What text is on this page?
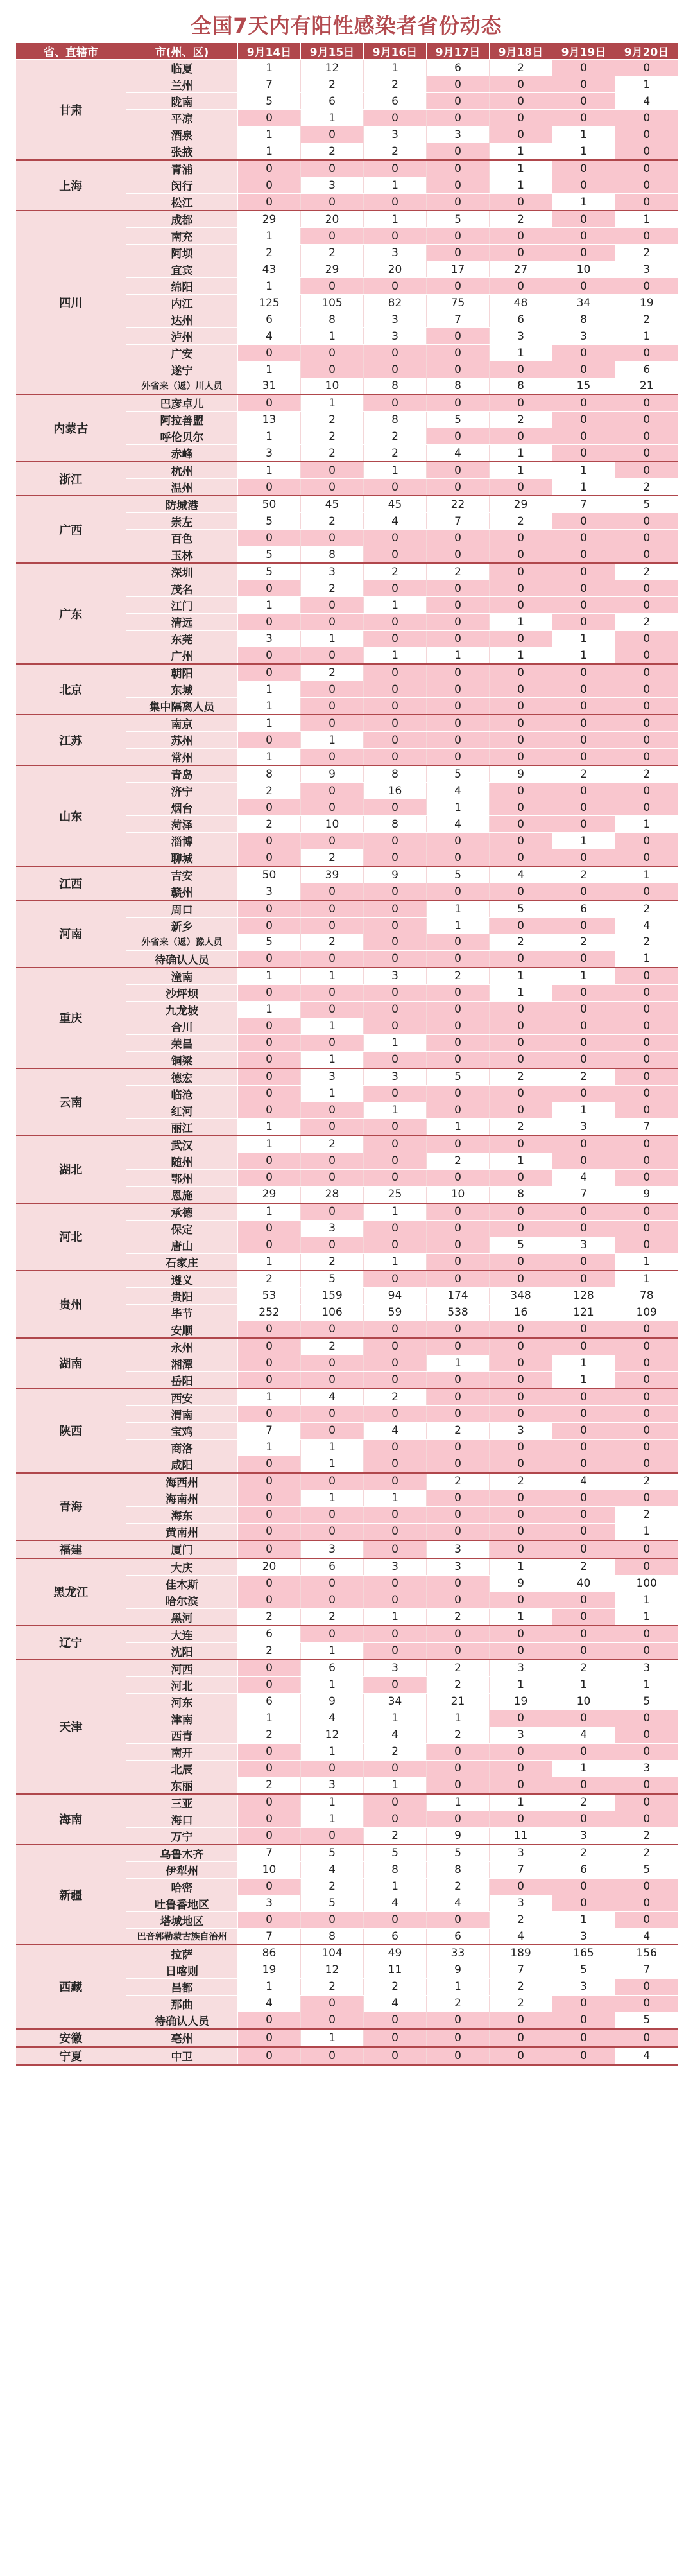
全国7天内有阳性感染者省份动态
省、直辖市	市(州、区)	9月14日	9月15日	9月16日	9月17日	9月18日	9月19日	9月20日
甘肃	临夏	1	12	1	6	2	0	0
	兰州	7	2	2	0	0	0	1
	陇南	5	6	6	0	0	0	4
	平凉	0	1	0	0	0	0	0
	酒泉	1	0	3	3	0	1	0
	张掖	1	2	2	0	1	1	0
上海	青浦	0	0	0	0	1	0	0
	闵行	0	3	1	0	1	0	0
	松江	0	0	0	0	0	1	0
四川	成都	29	20	1	5	2	0	1
	南充	1	0	0	0	0	0	0
	阿坝	2	2	3	0	0	0	2
	宜宾	43	29	20	17	27	10	3
	绵阳	1	0	0	0	0	0	0
	内江	125	105	82	75	48	34	19
	达州	6	8	3	7	6	8	2
	泸州	4	1	3	0	3	3	1
	广安	0	0	0	0	1	0	0
	遂宁	1	0	0	0	0	0	6
	外省来（返）川人员	31	10	8	8	8	15	21
内蒙古	巴彦卓儿	0	1	0	0	0	0	0
	阿拉善盟	13	2	8	5	2	0	0
	呼伦贝尔	1	2	2	0	0	0	0
	赤峰	3	2	2	4	1	0	0
浙江	杭州	1	0	1	0	1	1	0
	温州	0	0	0	0	0	1	2
广西	防城港	50	45	45	22	29	7	5
	崇左	5	2	4	7	2	0	0
	百色	0	0	0	0	0	0	0
	玉林	5	8	0	0	0	0	0
广东	深圳	5	3	2	2	0	0	2
	茂名	0	2	0	0	0	0	0
	江门	1	0	1	0	0	0	0
	清远	0	0	0	0	1	0	2
	东莞	3	1	0	0	0	1	0
	广州	0	0	1	1	1	1	0
北京	朝阳	0	2	0	0	0	0	0
	东城	1	0	0	0	0	0	0
	集中隔离人员	1	0	0	0	0	0	0
江苏	南京	1	0	0	0	0	0	0
	苏州	0	1	0	0	0	0	0
	常州	1	0	0	0	0	0	0
山东	青岛	8	9	8	5	9	2	2
	济宁	2	0	16	4	0	0	0
	烟台	0	0	0	1	0	0	0
	菏泽	2	10	8	4	0	0	1
	淄博	0	0	0	0	0	1	0
	聊城	0	2	0	0	0	0	0
江西	吉安	50	39	9	5	4	2	1
	赣州	3	0	0	0	0	0	0
河南	周口	0	0	0	1	5	6	2
	新乡	0	0	0	1	0	0	4
	外省来（返）豫人员	5	2	0	0	2	2	2
	待确认人员	0	0	0	0	0	0	1
重庆	潼南	1	1	3	2	1	1	0
	沙坪坝	0	0	0	0	1	0	0
	九龙坡	1	0	0	0	0	0	0
	合川	0	1	0	0	0	0	0
	荣昌	0	0	1	0	0	0	0
	铜梁	0	1	0	0	0	0	0
云南	德宏	0	3	3	5	2	2	0
	临沧	0	1	0	0	0	0	0
	红河	0	0	1	0	0	1	0
	丽江	1	0	0	1	2	3	7
湖北	武汉	1	2	0	0	0	0	0
	随州	0	0	0	2	1	0	0
	鄂州	0	0	0	0	0	4	0
	恩施	29	28	25	10	8	7	9
河北	承德	1	0	1	0	0	0	0
	保定	0	3	0	0	0	0	0
	唐山	0	0	0	0	5	3	0
	石家庄	1	2	1	0	0	0	1
贵州	遵义	2	5	0	0	0	0	1
	贵阳	53	159	94	174	348	128	78
	毕节	252	106	59	538	16	121	109
	安顺	0	0	0	0	0	0	0
湖南	永州	0	2	0	0	0	0	0
	湘潭	0	0	0	1	0	1	0
	岳阳	0	0	0	0	0	1	0
陕西	西安	1	4	2	0	0	0	0
	渭南	0	0	0	0	0	0	0
	宝鸡	7	0	4	2	3	0	0
	商洛	1	1	0	0	0	0	0
	咸阳	0	1	0	0	0	0	0
青海	海西州	0	0	0	2	2	4	2
	海南州	0	1	1	0	0	0	0
	海东	0	0	0	0	0	0	2
	黄南州	0	0	0	0	0	0	1
福建	厦门	0	3	0	3	0	0	0
黑龙江	大庆	20	6	3	3	1	2	0
	佳木斯	0	0	0	0	9	40	100
	哈尔滨	0	0	0	0	0	0	1
	黑河	2	2	1	2	1	0	1
辽宁	大连	6	0	0	0	0	0	0
	沈阳	2	1	0	0	0	0	0
天津	河西	0	6	3	2	3	2	3
	河北	0	1	0	2	1	1	1
	河东	6	9	34	21	19	10	5
	津南	1	4	1	1	0	0	0
	西青	2	12	4	2	3	4	0
	南开	0	1	2	0	0	0	0
	北辰	0	0	0	0	0	1	3
	东丽	2	3	1	0	0	0	0
海南	三亚	0	1	0	1	1	2	0
	海口	0	1	0	0	0	0	0
	万宁	0	0	2	9	11	3	2
新疆	乌鲁木齐	7	5	5	5	3	2	2
	伊犁州	10	4	8	8	7	6	5
	哈密	0	2	1	2	0	0	0
	吐鲁番地区	3	5	4	4	3	0	0
	塔城地区	0	0	0	0	2	1	0
	巴音郭勒蒙古族自治州	7	8	6	6	4	3	4
西藏	拉萨	86	104	49	33	189	165	156
	日喀则	19	12	11	9	7	5	7
	昌都	1	2	2	1	2	3	0
	那曲	4	0	4	2	2	0	0
	待确认人员	0	0	0	0	0	0	5
安徽	亳州	0	1	0	0	0	0	0
宁夏	中卫	0	0	0	0	0	0	4
